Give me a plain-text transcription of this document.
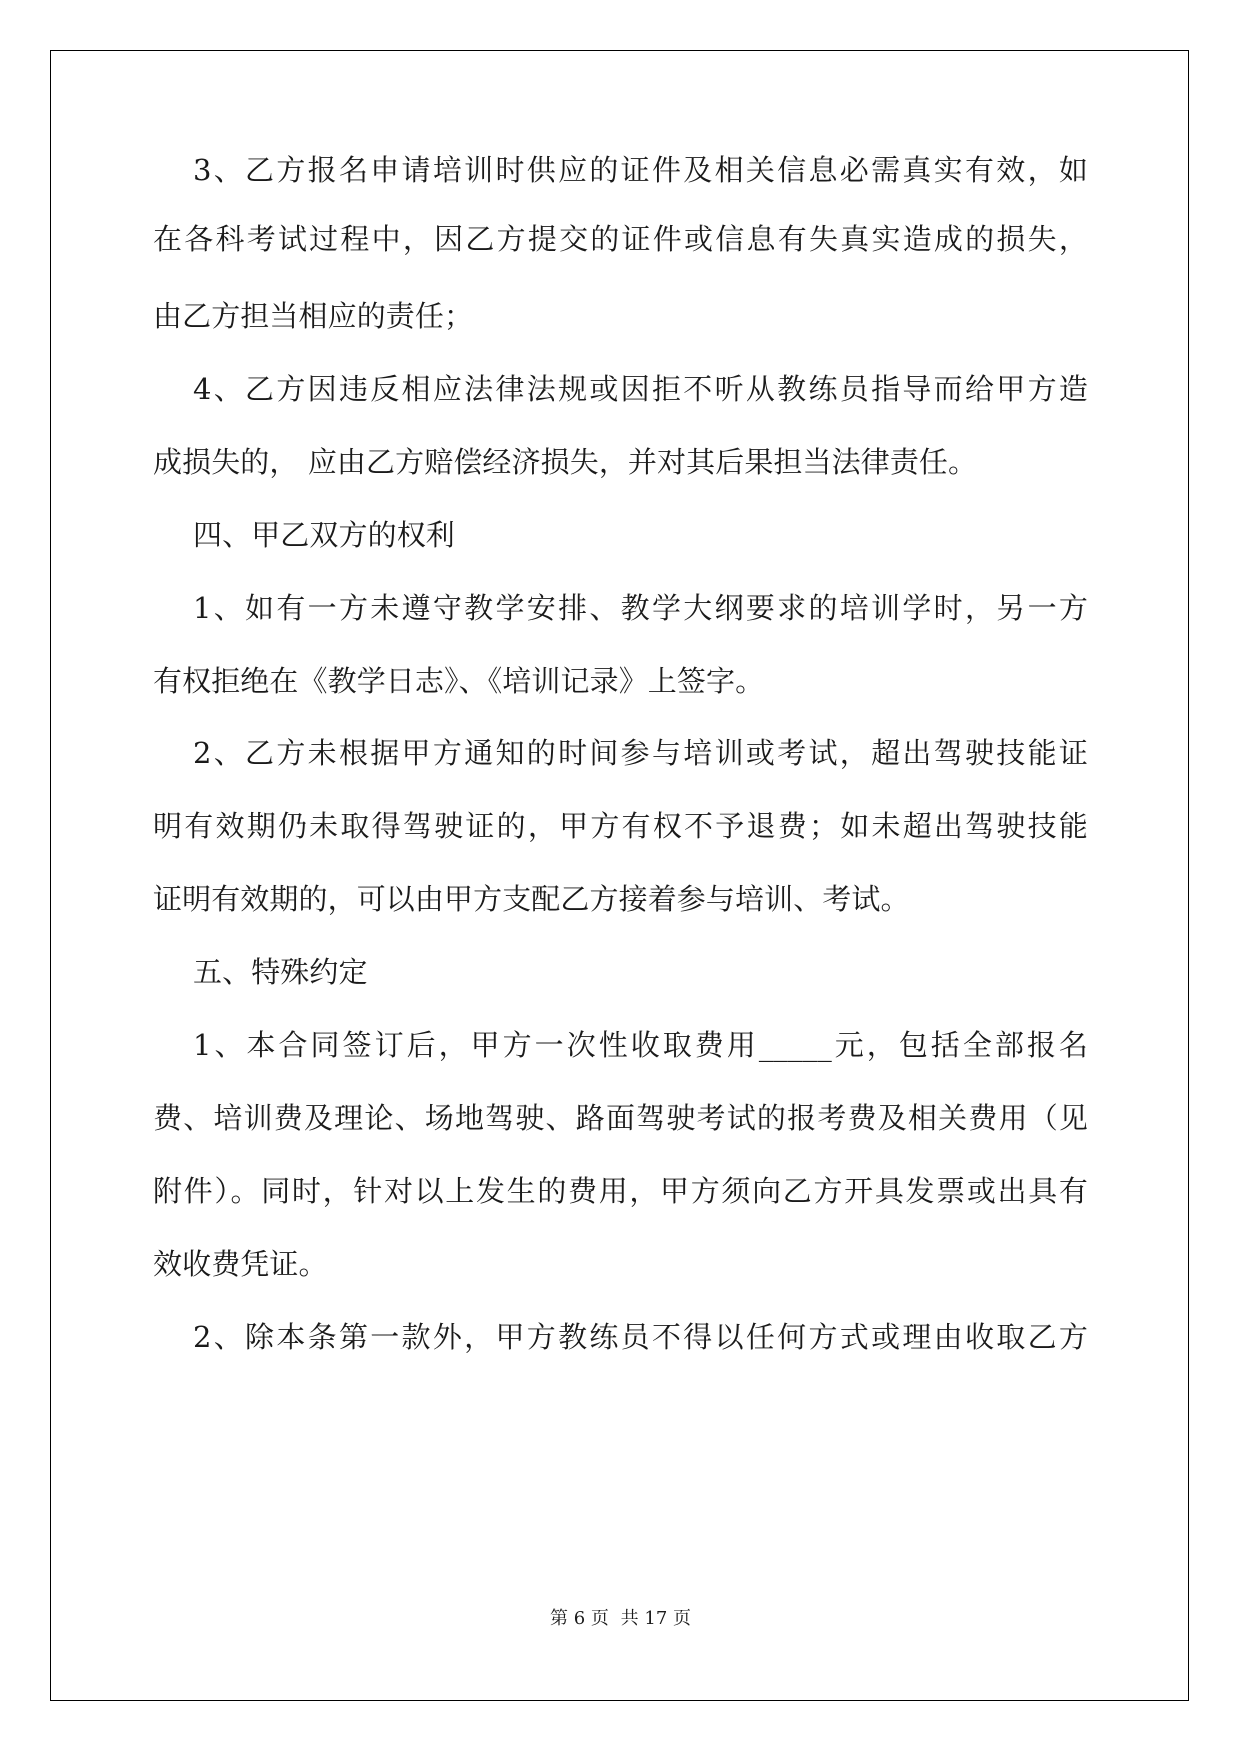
3、乙方报名申请培训时供应的证件及相关信息必需真实有效，如
在各科考试过程中，因乙方提交的证件或信息有失真实造成的损失，
由乙方担当相应的责任；
4、乙方因违反相应法律法规或因拒不听从教练员指导而给甲方造
成损失的， 应由乙方赔偿经济损失，并对其后果担当法律责任。
四、甲乙双方的权利
1、如有一方未遵守教学安排、教学大纲要求的培训学时，另一方
有权拒绝在《教学日志》、《培训记录》上签字。
2、乙方未根据甲方通知的时间参与培训或考试，超出驾驶技能证
明有效期仍未取得驾驶证的，甲方有权不予退费；如未超出驾驶技能
证明有效期的，可以由甲方支配乙方接着参与培训、考试。
五、特殊约定
1、本合同签订后，甲方一次性收取费用_____元，包括全部报名
费、培训费及理论、场地驾驶、路面驾驶考试的报考费及相关费用（见
附件）。同时，针对以上发生的费用，甲方须向乙方开具发票或出具有
效收费凭证。
2、除本条第一款外，甲方教练员不得以任何方式或理由收取乙方
第 6 页 共 17 页
